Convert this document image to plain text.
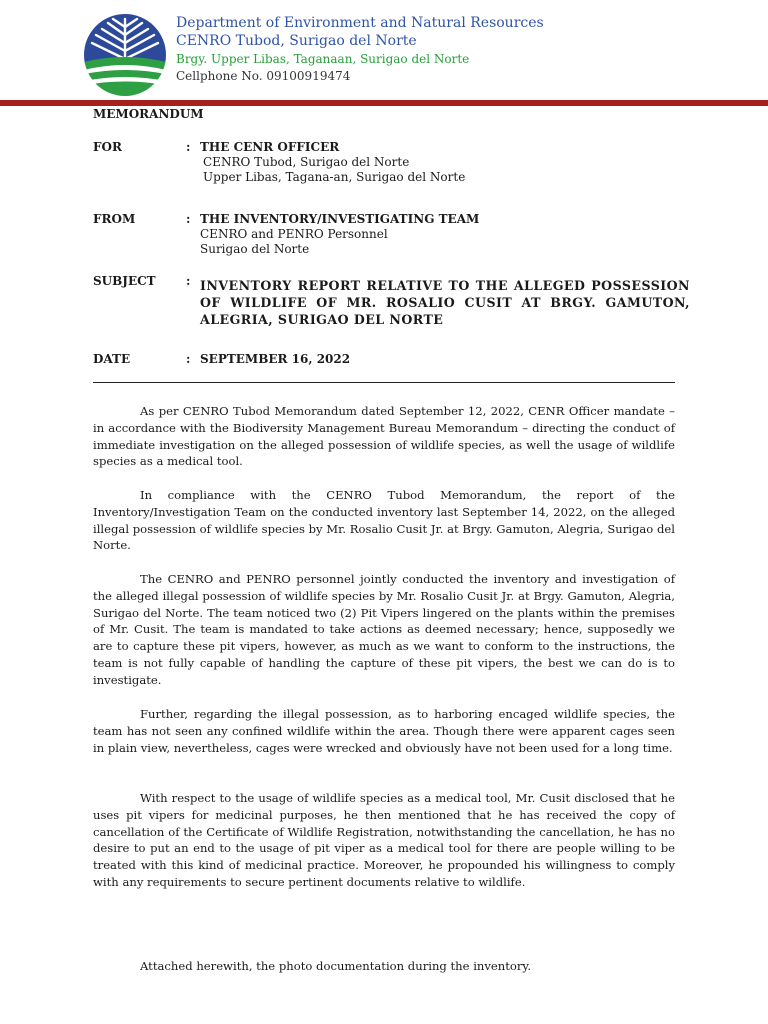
Department of Environment and Natural Resources
CENRO Tubod, Surigao del Norte
Brgy. Upper Libas, Taganaan, Surigao del Norte
Cellphone No. 09100919474
MEMORANDUM
FOR	: THE CENR OFFICER
CENRO Tubod, Surigao del Norte
Upper Libas, Tagana-an, Surigao del Norte
FROM	: THE INVENTORY/INVESTIGATING TEAM
CENRO and PENRO Personnel
Surigao del Norte
SUBJECT	: INVENTORY REPORT RELATIVE TO THE ALLEGED POSSESSION OF WILDLIFE OF MR. ROSALIO CUSIT AT BRGY. GAMUTON, ALEGRIA, SURIGAO DEL NORTE
DATE	: SEPTEMBER 16, 2022

As per CENRO Tubod Memorandum dated September 12, 2022, CENR Officer mandate – in accordance with the Biodiversity Management Bureau Memorandum – directing the conduct of immediate investigation on the alleged possession of wildlife species, as well the usage of wildlife species as a medical tool.

In compliance with the CENRO Tubod Memorandum, the report of the Inventory/Investigation Team on the conducted inventory last September 14, 2022, on the alleged illegal possession of wildlife species by Mr. Rosalio Cusit Jr. at Brgy. Gamuton, Alegria, Surigao del Norte.

The CENRO and PENRO personnel jointly conducted the inventory and investigation of the alleged illegal possession of wildlife species by Mr. Rosalio Cusit Jr. at Brgy. Gamuton, Alegria, Surigao del Norte. The team noticed two (2) Pit Vipers lingered on the plants within the premises of Mr. Cusit. The team is mandated to take actions as deemed necessary; hence, supposedly we are to capture these pit vipers, however, as much as we want to conform to the instructions, the team is not fully capable of handling the capture of these pit vipers, the best we can do is to investigate.

Further, regarding the illegal possession, as to harboring encaged wildlife species, the team has not seen any confined wildlife within the area. Though there were apparent cages seen in plain view, nevertheless, cages were wrecked and obviously have not been used for a long time.

With respect to the usage of wildlife species as a medical tool, Mr. Cusit disclosed that he uses pit vipers for medicinal purposes, he then mentioned that he has received the copy of cancellation of the Certificate of Wildlife Registration, notwithstanding the cancellation, he has no desire to put an end to the usage of pit viper as a medical tool for there are people willing to be treated with this kind of medicinal practice. Moreover, he propounded his willingness to comply with any requirements to secure pertinent documents relative to wildlife.

Attached herewith, the photo documentation during the inventory.
